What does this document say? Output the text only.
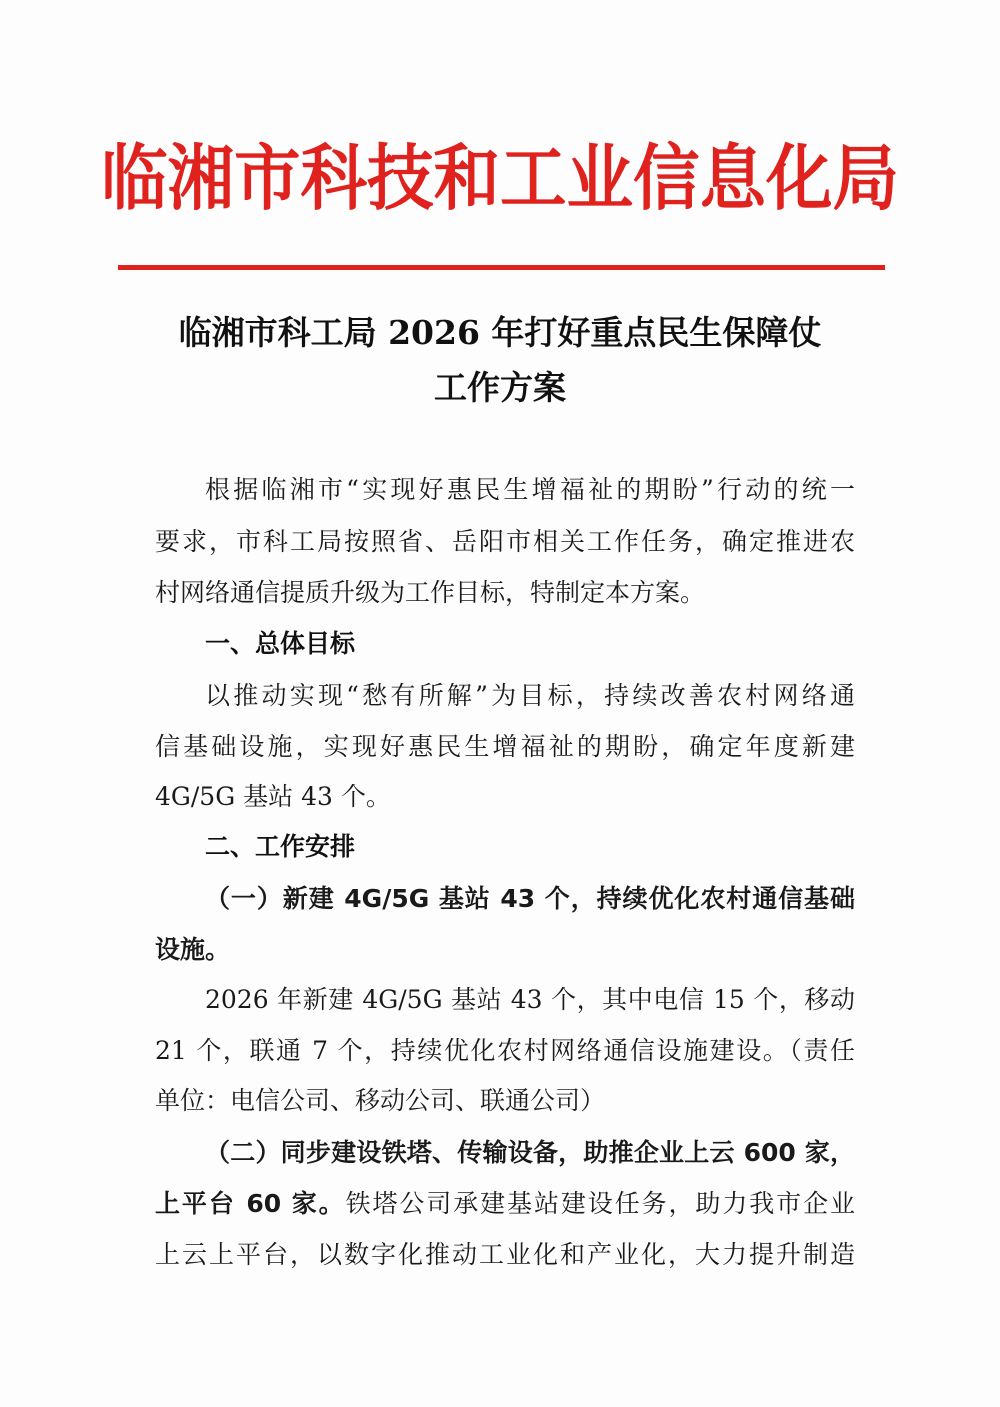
临湘市科技和工业信息化局
临湘市科工局 2026 年打好重点民生保障仗
工作方案
根据临湘市“实现好惠民生增福祉的期盼”行动的统一
要求，市科工局按照省、岳阳市相关工作任务，确定推进农
村网络通信提质升级为工作目标，特制定本方案。
一、总体目标
以推动实现“愁有所解”为目标，持续改善农村网络通
信基础设施，实现好惠民生增福祉的期盼，确定年度新建
4G/5G 基站 43 个。
二、工作安排
（一）新建 4G/5G 基站 43 个，持续优化农村通信基础
设施。
2026 年新建 4G/5G 基站 43 个，其中电信 15 个，移动
21 个，联通 7 个，持续优化农村网络通信设施建设。（责任
单位：电信公司、移动公司、联通公司）
（二）同步建设铁塔、传输设备，助推企业上云 600 家，
上平台 60 家。铁塔公司承建基站建设任务，助力我市企业
上云上平台，以数字化推动工业化和产业化，大力提升制造
